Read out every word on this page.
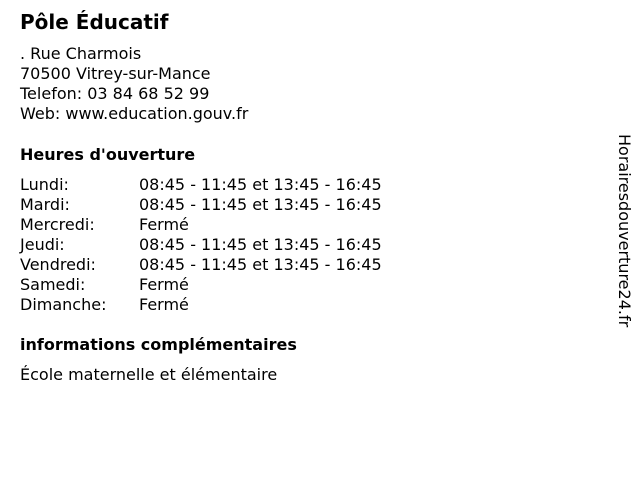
Pôle Éducatif
. Rue Charmois
70500 Vitrey-sur-Mance
Telefon: 03 84 68 52 99
Web: www.education.gouv.fr
Heures d'ouverture
Lundi:	08:45 - 11:45 et 13:45 - 16:45
Mardi:	08:45 - 11:45 et 13:45 - 16:45
Mercredi:	Fermé
Jeudi:	08:45 - 11:45 et 13:45 - 16:45
Vendredi:	08:45 - 11:45 et 13:45 - 16:45
Samedi:	Fermé
Dimanche: Fermé
informations complémentaires
École maternelle et élémentaire
Horairesdouverture24.fr
